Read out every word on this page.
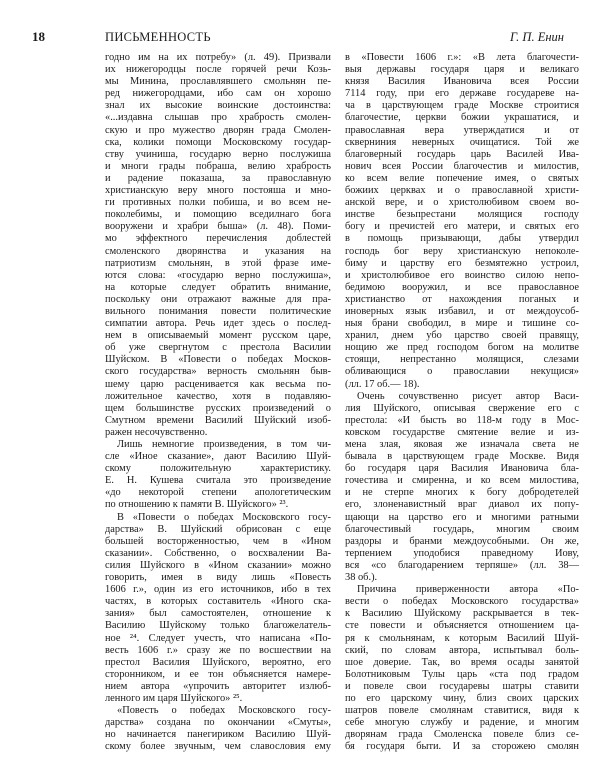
18	ПИСЬМЕННОСТЬ	Г. П. Енин
годно им на их потребу» (л. 49). Призвали
их нижегородцы после горячей речи Козь-
мы Минина, прославлявшего смольнян пе-
ред нижегородцами, ибо сам он хорошо
знал их высокие воинские достоинства:
«...издавна слышав про храбрость смолен-
скую и про мужество дворян града Смолен-
ска, колики помощи Московскому государ-
ству учиниша, государю верно послужиша
и многи грады побраша, велию храбрость
и радение показаша, за православную
христианскую веру много постояша и мно-
ги противных полки побиша, и во всем не-
поколебимы, и помощию вседилнаго бога
вооружени и храбри быша» (л. 48). Поми-
мо эффектного перечисления доблестей
смоленского дворянства и указания на
патриотизм смольнян, в этой фразе име-
ются слова: «государю верно послужиша»,
на которые следует обратить внимание,
поскольку они отражают важные для пра-
вильного понимания повести политические
симпатии автора. Речь идет здесь о послед-
нем в описываемый момент русском царе,
об уже свергнутом с престола Василии
Шуйском. В «Повести о победах Москов-
ского государства» верность смольнян быв-
шему царю расценивается как весьма по-
ложительное качество, хотя в подавляю-
щем большинстве русских произведений о
Смутном времени Василий Шуйский изоб-
ражен несочувственно.
Лишь немногие произведения, в том чи-
сле «Иное сказание», дают Василию Шуй-
скому положительную характеристику.
Е. Н. Кушева считала это произведение
«до некоторой степени апологетическим
по отношению к памяти В. Шуйского» ²³.
В «Повести о победах Московского госу-
дарства» В. Шуйский обрисован с еще
большей восторженностью, чем в «Ином
сказании». Собственно, о восхвалении Ва-
силия Шуйского в «Ином сказании» можно
говорить, имея в виду лишь «Повесть
1606 г.», один из его источников, ибо в тех
частях, в которых составитель «Иного ска-
зания» был самостоятелен, отношение к
Василию Шуйскому только благожелатель-
ное ²⁴. Следует учесть, что написана «По-
весть 1606 г.» сразу же по восшествии на
престол Василия Шуйского, вероятно, его
сторонником, и ее тон объясняется намере-
нием автора «упрочить авторитет излюб-
ленного им царя Шуйского» ²⁵.
«Повесть о победах Московского госу-
дарства» создана по окончании «Смуты»,
но начинается панегириком Василию Шуй-
скому более звучным, чем славословия ему
в «Повести 1606 г.»: «В лета благочести-
выя державы государя царя и великаго
князя Василия Ивановича всея России
7114 году, при его державе государеве на-
ча в царствующем граде Москве строитися
благочестие, церкви божии украшатися, и
православная вера утверждатися и от
скверниния неверных очищатися. Той же
благоверный государь царь Василей Ива-
нович всея России благочестив и милостив,
ко всем велие попечение имея, о святых
божиих церквах и о православной христи-
анской вере, и о христолюбивом своем во-
инстве безьпрестани молящися господу
богу и пречистей его матери, и святых его
в помощь призывающи, дабы утвердил
господь бог веру христианскую непоколе-
биму и царству его безмятежно устроил,
и христолюбивое его воинство силою непо-
бедимою вооружил, и все православное
христианство от нахождения поганых и
иноверных язык избавил, и от междоусоб-
ныя брани свободил, в мире и тишине со-
хранил, днем убо царство своей правящу,
нощию же пред господом богом на молитве
стоящи, непрестанно молящися, слезами
обливающися о православии некущися»
(лл. 17 об.— 18).
Очень сочувственно рисует автор Васи-
лия Шуйского, описывая свержение его с
престола: «И бысть во 118-м году в Мос-
ковском государстве смятение велие и из-
мена злая, яковая же изначала света не
бывала в царствующем граде Москве. Видя
бо государя царя Василия Ивановича бла-
гочестива и смиренна, и ко всем милостива,
и не стерпе многих к богу добродетелей
его, злоненавистный враг диавол их попу-
щающи на царство его и многими ратными
благочестивый государь, многим своим
раздоры и бранми междоусобными. Он же,
терпением уподобися праведному Иову,
вся «со благодарением терпяше» (лл. 38—
38 об.).
Причина приверженности автора «По-
вести о победах Московского государства»
к Василию Шуйскому раскрывается в тек-
сте повести и объясняется отношением ца-
ря к смольнянам, к которым Василий Шуй-
ский, по словам автора, испытывал боль-
шое доверие. Так, во время осады занятой
Болотниковым Тулы царь «ста под градом
и повеле свои государевы шатры ставити
по его царскому чину, близ своих царских
шатров повеле смолянам ставитися, видя к
себе многую службу и радение, и многим
дворянам града Смоленска повеле близ се-
бя государя быти. И за сторожею смолян
